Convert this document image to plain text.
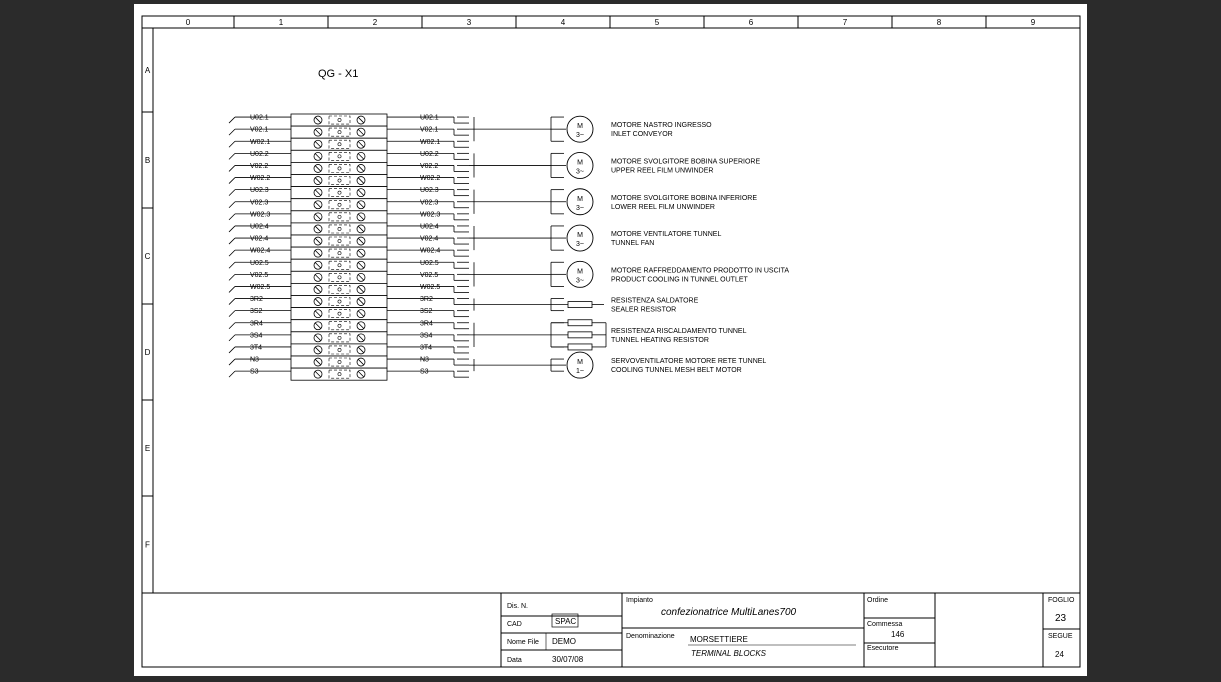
0	1	2	3	4	5	6	7	8	9
A
B
C
D
E
F
QG - X1
U02.1	U02.1
V02.1	V02.1
W02.1	W02.1
U02.2	U02.2
V02.2	V02.2
W02.2	W02.2
U02.3	U02.3
V02.3	V02.3
W02.3	W02.3
U02.4	U02.4
V02.4	V02.4
W02.4	W02.4
U02.5	U02.5
V02.5	V02.5
W02.5	W02.5
3R2	3R2
3S2	3S2
3R4	3R4
3S4	3S4
3T4	3T4
N3	N3
S3	S3
M
3~
MOTORE NASTRO INGRESSO
INLET CONVEYOR
M
3~
MOTORE SVOLGITORE BOBINA SUPERIORE
UPPER REEL FILM UNWINDER
M
3~
MOTORE SVOLGITORE BOBINA INFERIORE
LOWER REEL FILM UNWINDER
M
3~
MOTORE VENTILATORE TUNNEL
TUNNEL FAN
M
3~
MOTORE RAFFREDDAMENTO PRODOTTO IN USCITA
PRODUCT COOLING IN TUNNEL OUTLET
RESISTENZA SALDATORE
SEALER RESISTOR
RESISTENZA RISCALDAMENTO TUNNEL
TUNNEL HEATING RESISTOR
M
1~
SERVOVENTILATORE MOTORE RETE TUNNEL
COOLING TUNNEL MESH BELT MOTOR
Dis. N.
CAD	SPAC
Nome File DEMO
Data	30/07/08
Impianto
confezionatrice MultiLanes700
Denominazione MORSETTIERE
TERMINAL BLOCKS
Ordine
Commessa
146
Esecutore
FOGLIO
23
SEGUE
24
